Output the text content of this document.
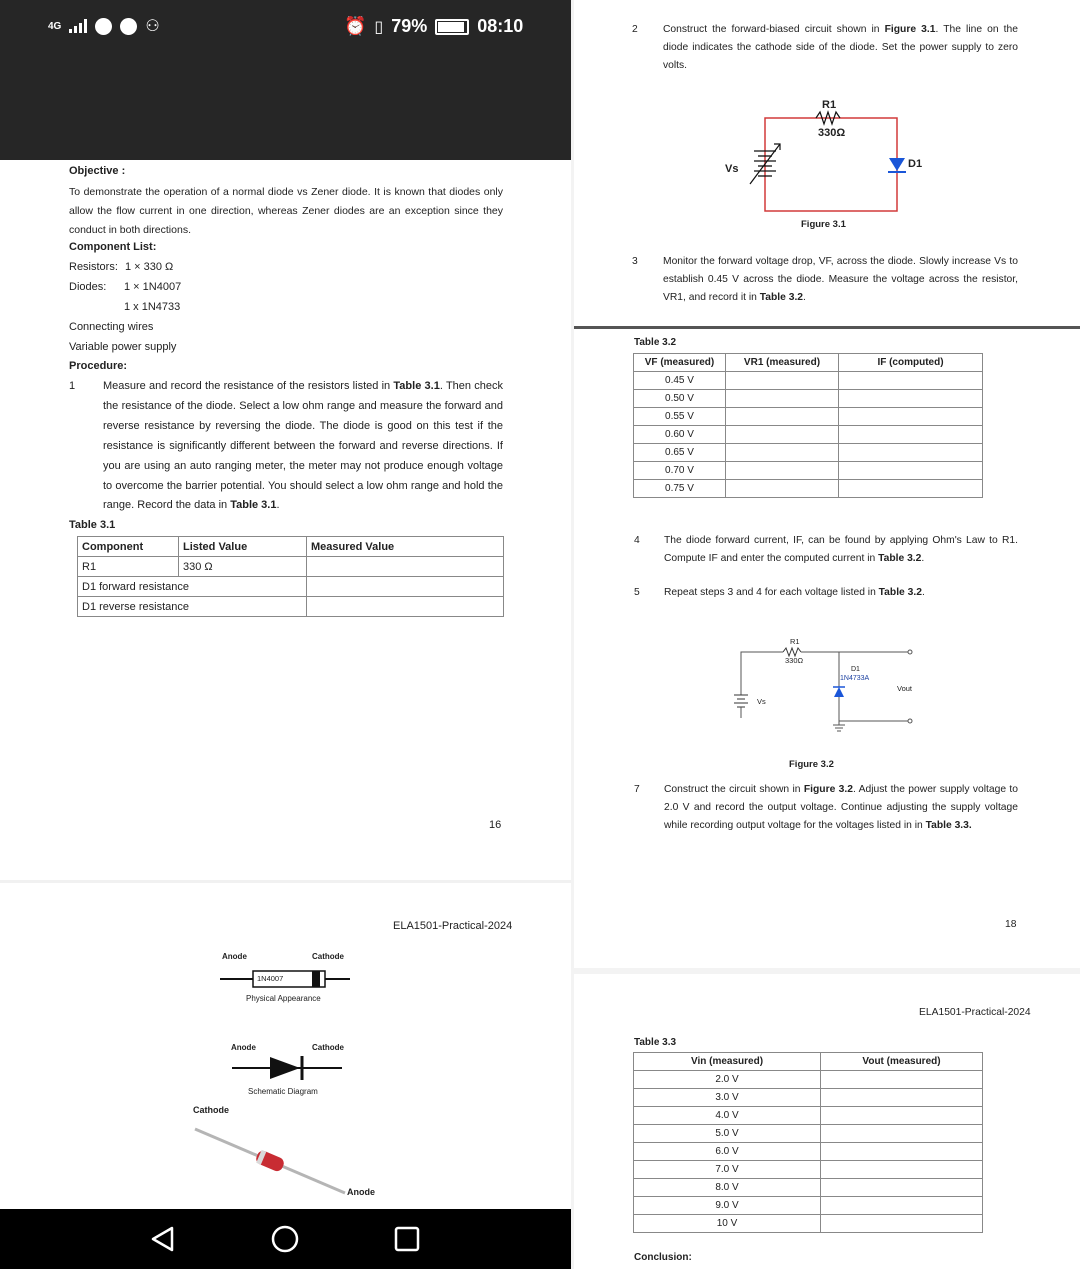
4G	⚇	⏰ ▯ 79%	08:10
Objective :
To demonstrate the operation of a normal diode vs Zener diode. It is known that diodes only allow the flow current in one direction, whereas Zener diodes are an exception since they conduct in both directions.
Component List:
Resistors: 1 × 330 Ω
Diodes: 1 × 1N4007
1 x 1N4733
Connecting wires
Variable power supply
Procedure:
1	Measure and record the resistance of the resistors listed in Table 3.1. Then check the resistance of the diode. Select a low ohm range and measure the forward and reverse resistance by reversing the diode. The diode is good on this test if the resistance is significantly different between the forward and reverse directions. If you are using an auto ranging meter, the meter may not produce enough voltage to overcome the barrier potential. You should select a low ohm range and hold the range. Record the data in Table 3.1.
Table 3.1
Component	Listed Value	Measured Value
R1	330 Ω	
D1 forward resistance		
D1 reverse resistance		
16
ELA1501-Practical-2024
Anode	Cathode
1N4007
Physical Appearance
Anode	Cathode
Schematic Diagram
Cathode
Anode
2 Construct the forward-biased circuit shown in Figure 3.1. The line on the diode indicates the cathode side of the diode. Set the power supply to zero volts.
R1
330Ω
Vs	D1
Figure 3.1
3 Monitor the forward voltage drop, VF, across the diode. Slowly increase Vs to establish 0.45 V across the diode. Measure the voltage across the resistor, VR1, and record it in Table 3.2.
Table 3.2
VF (measured)	VR1 (measured)	IF (computed)
0.45 V		
0.50 V		
0.55 V		
0.60 V		
0.65 V		
0.70 V		
0.75 V		
4 The diode forward current, IF, can be found by applying Ohm's Law to R1. Compute IF and enter the computed current in Table 3.2.
5 Repeat steps 3 and 4 for each voltage listed in Table 3.2.
R1
330Ω
D1
1N4733A
Vs
Vout
Figure 3.2
7 Construct the circuit shown in Figure 3.2. Adjust the power supply voltage to 2.0 V and record the output voltage. Continue adjusting the supply voltage while recording output voltage for the voltages listed in in Table 3.3.
18
ELA1501-Practical-2024
Table 3.3
Vin (measured)	Vout (measured)
2.0 V	
3.0 V	
4.0 V	
5.0 V	
6.0 V	
7.0 V	
8.0 V	
9.0 V	
10 V	
Conclusion:
